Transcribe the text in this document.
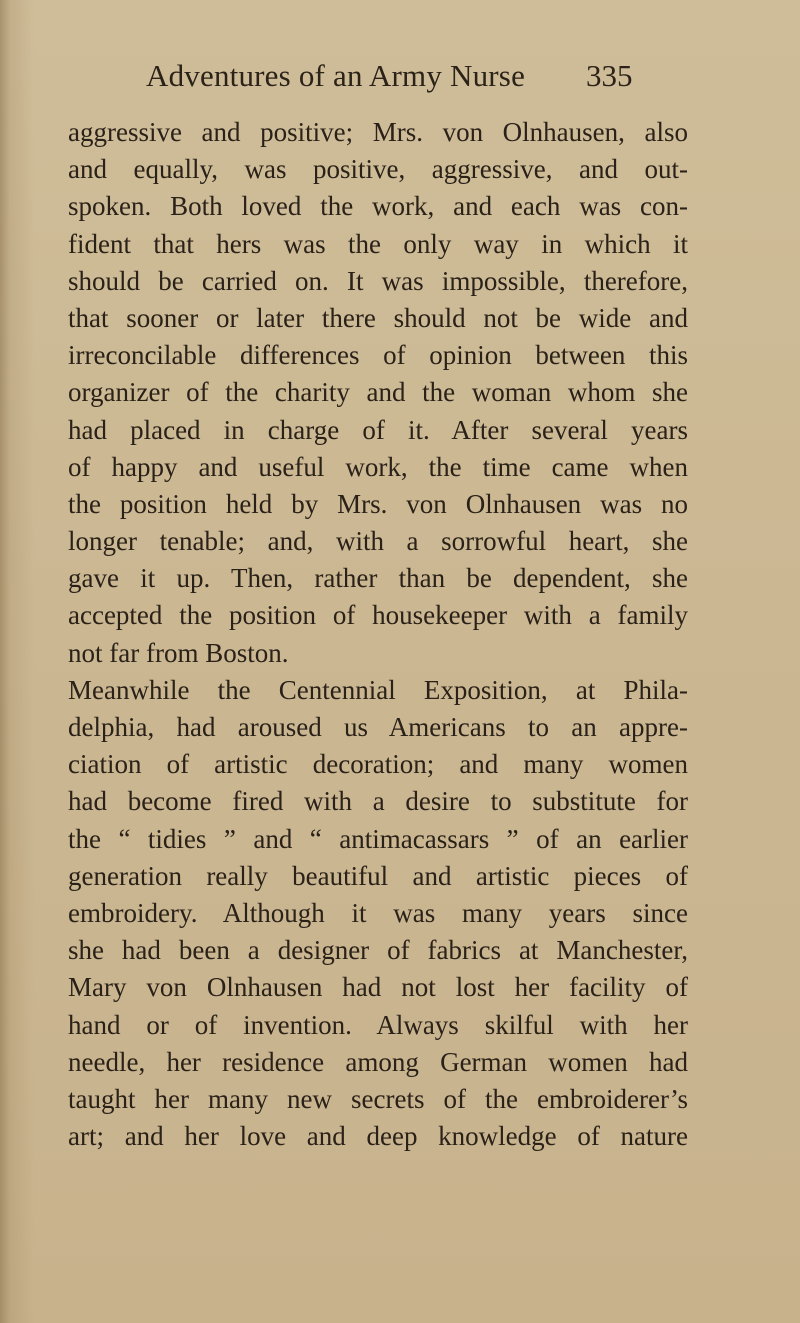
Adventures of an Army Nurse 335
aggressive and positive; Mrs. von Olnhausen, also
and equally, was positive, aggressive, and out-
spoken. Both loved the work, and each was con-
fident that hers was the only way in which it
should be carried on. It was impossible, therefore,
that sooner or later there should not be wide and
irreconcilable differences of opinion between this
organizer of the charity and the woman whom she
had placed in charge of it. After several years
of happy and useful work, the time came when
the position held by Mrs. von Olnhausen was no
longer tenable; and, with a sorrowful heart, she
gave it up. Then, rather than be dependent, she
accepted the position of housekeeper with a family
not far from Boston.
Meanwhile the Centennial Exposition, at Phila-
delphia, had aroused us Americans to an appre-
ciation of artistic decoration; and many women
had become fired with a desire to substitute for
the “ tidies ” and “ antimacassars ” of an earlier
generation really beautiful and artistic pieces of
embroidery. Although it was many years since
she had been a designer of fabrics at Manchester,
Mary von Olnhausen had not lost her facility of
hand or of invention. Always skilful with her
needle, her residence among German women had
taught her many new secrets of the embroiderer’s
art; and her love and deep knowledge of nature
